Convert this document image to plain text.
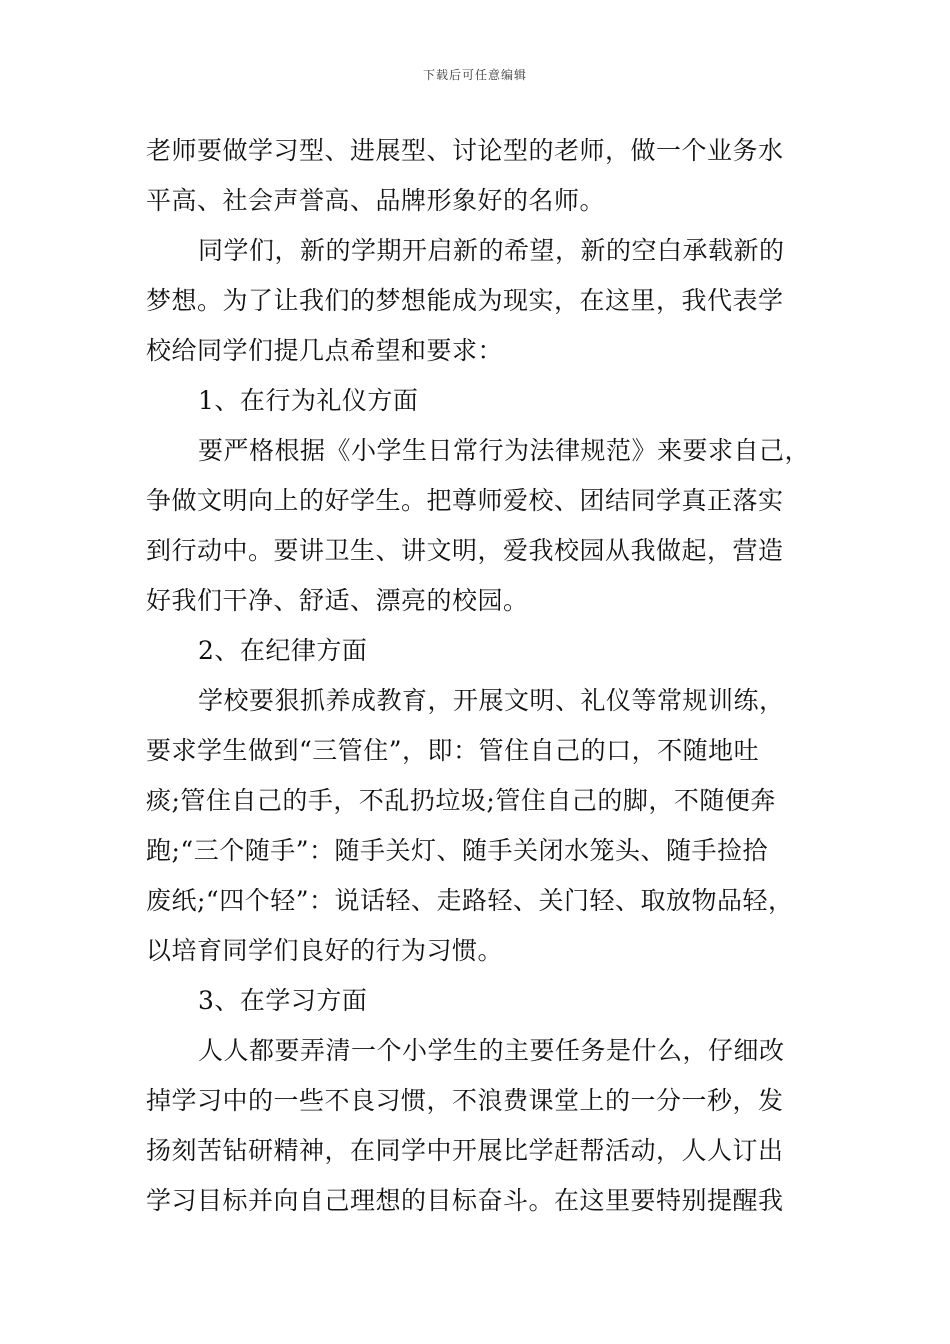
下载后可任意编辑
老师要做学习型、进展型、讨论型的老师，做一个业务水
平高、社会声誉高、品牌形象好的名师。
同学们，新的学期开启新的希望，新的空白承载新的
梦想。为了让我们的梦想能成为现实，在这里，我代表学
校给同学们提几点希望和要求：
1、在行为礼仪方面
要严格根据《小学生日常行为法律规范》来要求自己，
争做文明向上的好学生。把尊师爱校、团结同学真正落实
到行动中。要讲卫生、讲文明，爱我校园从我做起，营造
好我们干净、舒适、漂亮的校园。
2、在纪律方面
学校要狠抓养成教育，开展文明、礼仪等常规训练，
要求学生做到“三管住”，即：管住自己的口，不随地吐
痰;管住自己的手，不乱扔垃圾;管住自己的脚，不随便奔
跑;“三个随手”：随手关灯、随手关闭水笼头、随手捡拾
废纸;“四个轻”：说话轻、走路轻、关门轻、取放物品轻，
以培育同学们良好的行为习惯。
3、在学习方面
人人都要弄清一个小学生的主要任务是什么，仔细改
掉学习中的一些不良习惯，不浪费课堂上的一分一秒，发
扬刻苦钻研精神，在同学中开展比学赶帮活动，人人订出
学习目标并向自己理想的目标奋斗。在这里要特别提醒我
